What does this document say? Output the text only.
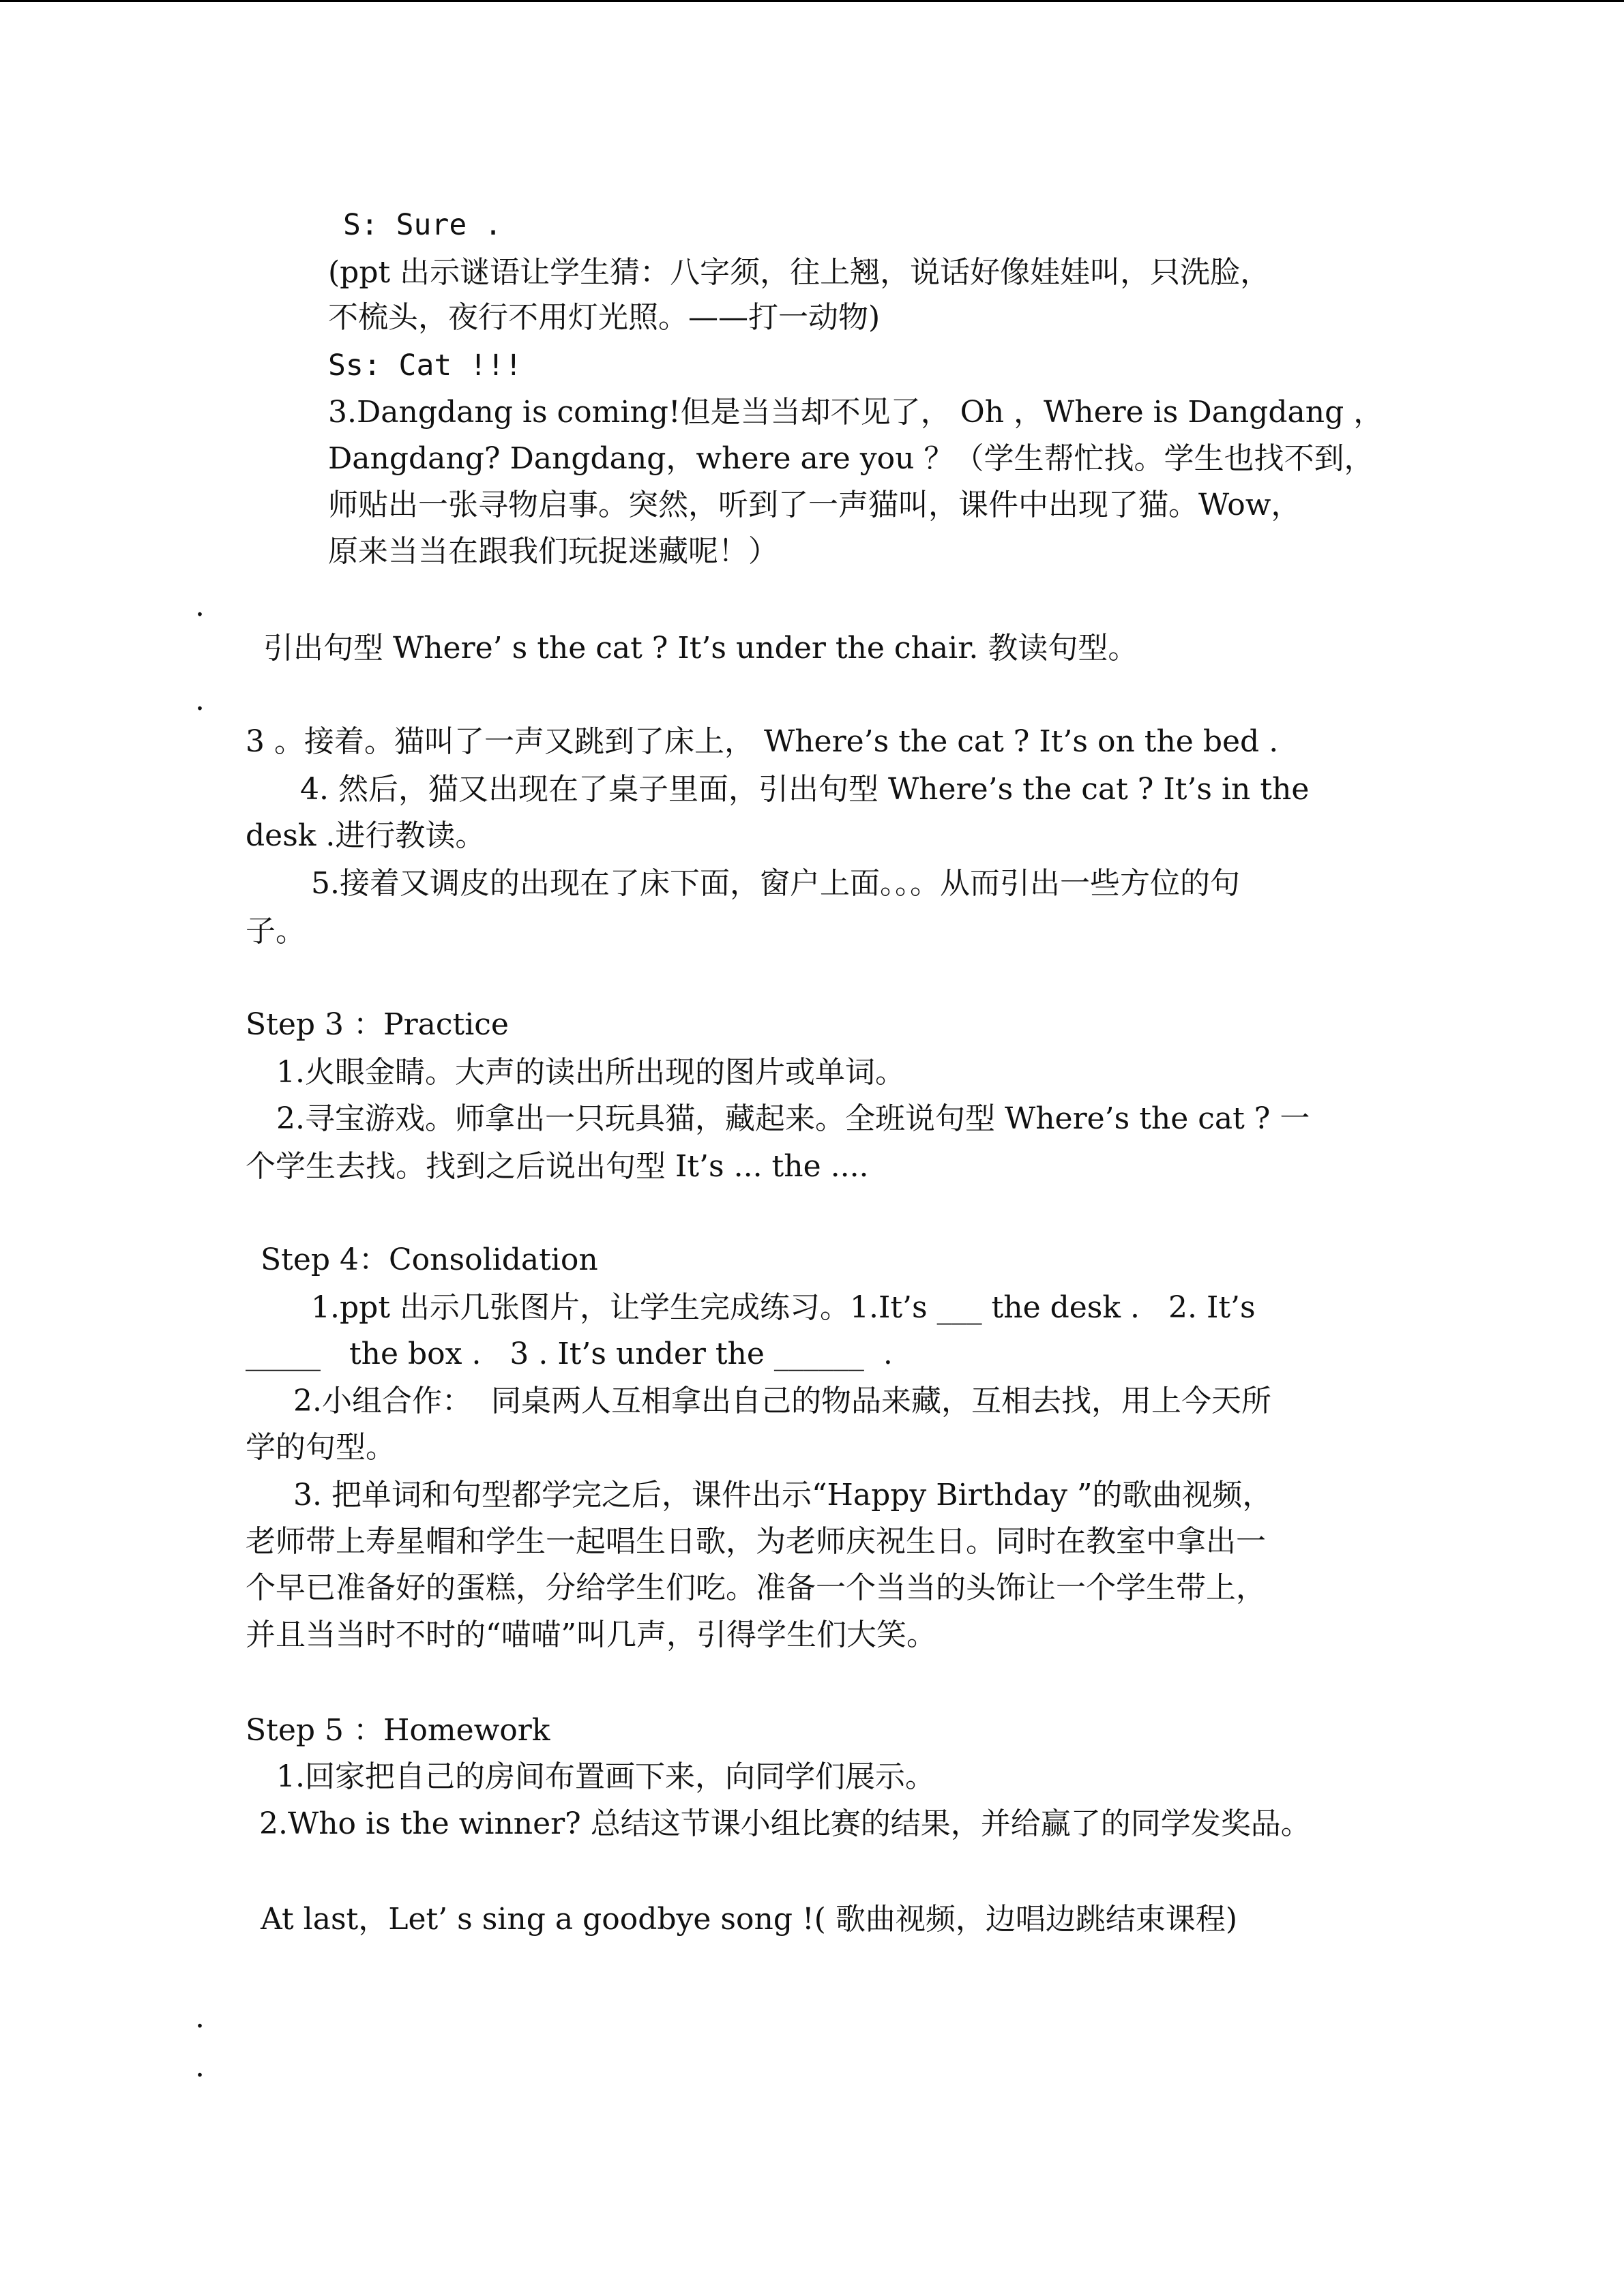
S: Sure .
(ppt 出示谜语让学生猜：八字须，往上翘，说话好像娃娃叫，只洗脸，
不梳头，夜行不用灯光照。——打一动物)
Ss: Cat !!!
3.Dangdang is coming!但是当当却不见了， Oh ，Where is Dangdang ，
Dangdang? Dangdang，where are you ？（学生帮忙找。学生也找不到，
师贴出一张寻物启事。突然，听到了一声猫叫，课件中出现了猫。Wow，
原来当当在跟我们玩捉迷藏呢！）
.
引出句型 Where’ s the cat ? It’s under the chair. 教读句型。
.
3 。接着。猫叫了一声又跳到了床上， Where’s the cat ? It’s on the bed .
4. 然后，猫又出现在了桌子里面，引出句型 Where’s the cat ? It’s in the
desk .进行教读。
5.接着又调皮的出现在了床下面，窗户上面。。。从而引出一些方位的句
子。
Step 3 ：Practice
1.火眼金睛。大声的读出所出现的图片或单词。
2.寻宝游戏。师拿出一只玩具猫，藏起来。全班说句型 Where’s the cat ? 一
个学生去找。找到之后说出句型 It’s ... the ....
Step 4：Consolidation
1.ppt 出示几张图片，让学生完成练习。1.It’s ___ the desk .   2. It’s
_____   the box .   3 . It’s under the ______  .
2.小组合作：  同桌两人互相拿出自己的物品来藏，互相去找，用上今天所
学的句型。
3. 把单词和句型都学完之后，课件出示“Happy Birthday ”的歌曲视频，
老师带上寿星帽和学生一起唱生日歌，为老师庆祝生日。同时在教室中拿出一
个早已准备好的蛋糕，分给学生们吃。准备一个当当的头饰让一个学生带上，
并且当当时不时的“喵喵”叫几声，引得学生们大笑。
Step 5 ：Homework
1.回家把自己的房间布置画下来，向同学们展示。
2.Who is the winner? 总结这节课小组比赛的结果，并给赢了的同学发奖品。
At last，Let’ s sing a goodbye song !( 歌曲视频，边唱边跳结束课程)
.
.
